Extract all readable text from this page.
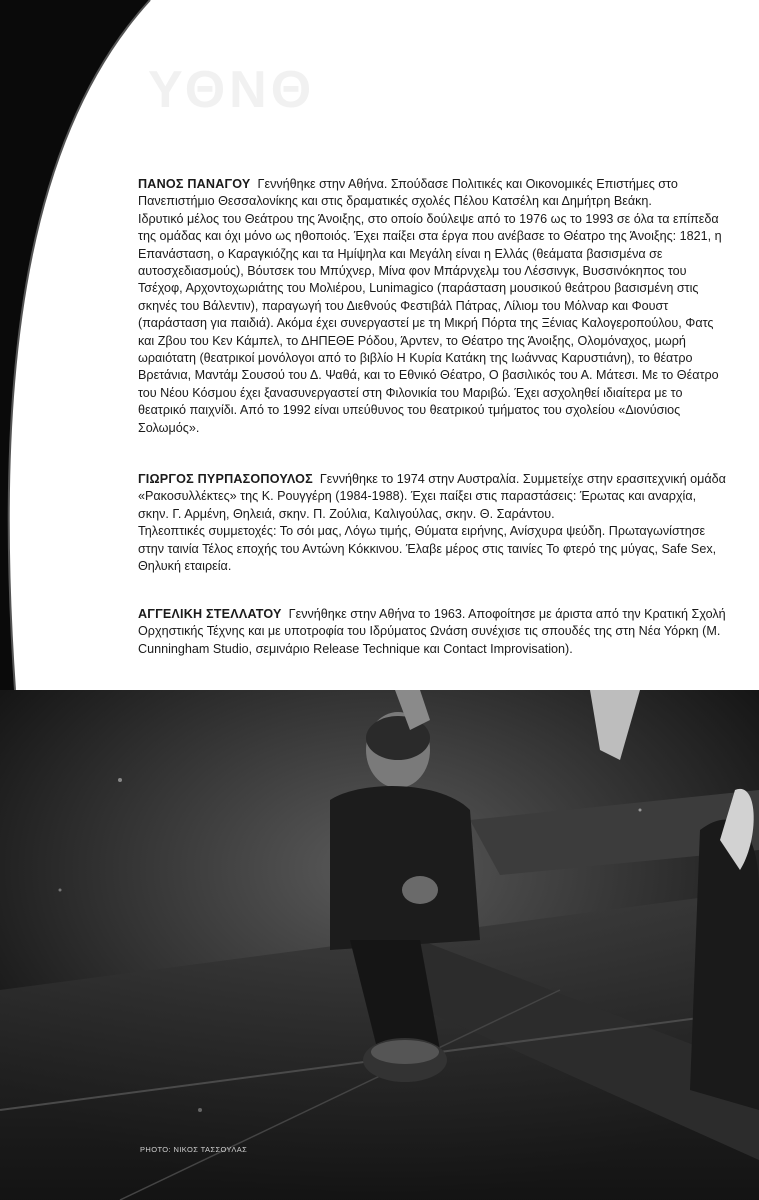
ΥΘΝΘ

ΠΑΝΟΣ ΠΑΝΑΓΟΥ Γεννήθηκε στην Αθήνα. Σπούδασε Πολιτικές και Οικονομικές Επιστήμες στο Πανεπιστήμιο Θεσσαλονίκης και στις δραματικές σχολές Πέλου Κατσέλη και Δημήτρη Βεάκη.

Ιδρυτικό μέλος του Θεάτρου της Άνοιξης, στο οποίο δούλεψε από το 1976 ως το 1993 σε όλα τα επίπεδα της ομάδας και όχι μόνο ως ηθοποιός. Έχει παίξει στα έργα που ανέβασε το Θέατρο της Άνοιξης: 1821, η Επανάσταση, ο Καραγκιόζης και τα Ημίψηλα και Μεγάλη είναι η Ελλάς (θεάματα βασισμένα σε αυτοσχεδιασμούς), Βόυτσεκ του Μπύχνερ, Μίνα φον Μπάρνχελμ του Λέσσινγκ, Βυσσινόκηπος του Τσέχοφ, Αρχοντοχωριάτης του Μολιέρου, Lunimagico (παράσταση μουσικού θεάτρου βασισμένη στις σκηνές του Βάλεντιν), παραγωγή του Διεθνούς Φεστιβάλ Πάτρας, Λίλιομ του Μόλναρ και Φουστ (παράσταση για παιδιά). Ακόμα έχει συνεργαστεί με τη Μικρή Πόρτα της Ξένιας Καλογεροπούλου, Φατς και Ζβου του Κεν Κάμπελ, το ΔΗΠΕΘΕ Ρόδου, Άρντεν, το Θέατρο της Άνοιξης, Ολομόναχος, μωρή ωραιότατη (θεατρικοί μονόλογοι από το βιβλίο Η Κυρία Κατάκη της Ιωάννας Καρυστιάνη), το θέατρο Βρετάνια, Μαντάμ Σουσού του Δ. Ψαθά, και το Εθνικό Θέατρο, Ο βασιλικός του Α. Μάτεσι. Με το Θέατρο του Νέου Κόσμου έχει ξανασυνεργαστεί στη Φιλονικία του Μαριβώ. Έχει ασχοληθεί ιδιαίτερα με το θεατρικό παιχνίδι. Από το 1992 είναι υπεύθυνος του θεατρικού τμήματος του σχολείου «Διονύσιος Σολωμός».

ΓΙΩΡΓΟΣ ΠΥΡΠΑΣΟΠΟΥΛΟΣ Γεννήθηκε το 1974 στην Αυστραλία. Συμμετείχε στην ερασιτεχνική ομάδα «Ρακοσυλλέκτες» της Κ. Ρουγγέρη (1984-1988). Έχει παίξει στις παραστάσεις: Έρωτας και αναρχία, σκην. Γ. Αρμένη, Θηλειά, σκην. Π. Ζούλια, Καλιγούλας, σκην. Θ. Σαράντου.

Τηλεοπτικές συμμετοχές: Το σόι μας, Λόγω τιμής, Θύματα ειρήνης, Ανίσχυρα ψεύδη. Πρωταγωνίστησε στην ταινία Τέλος εποχής του Αντώνη Κόκκινου. Έλαβε μέρος στις ταινίες Το φτερό της μύγας, Safe Sex, Θηλυκή εταιρεία.

ΑΓΓΕΛΙΚΗ ΣΤΕΛΛΑΤΟΥ Γεννήθηκε στην Αθήνα το 1963. Αποφοίτησε με άριστα από την Κρατική Σχολή Ορχηστικής Τέχνης και με υποτροφία του Ιδρύματος Ωνάση συνέχισε τις σπουδές της στη Νέα Υόρκη (M. Cunningham Studio, σεμινάριο Release Technique και Contact Improvisation).

PHOTO: ΝΙΚΟΣ ΤΑΣΣΟΥΛΑΣ
